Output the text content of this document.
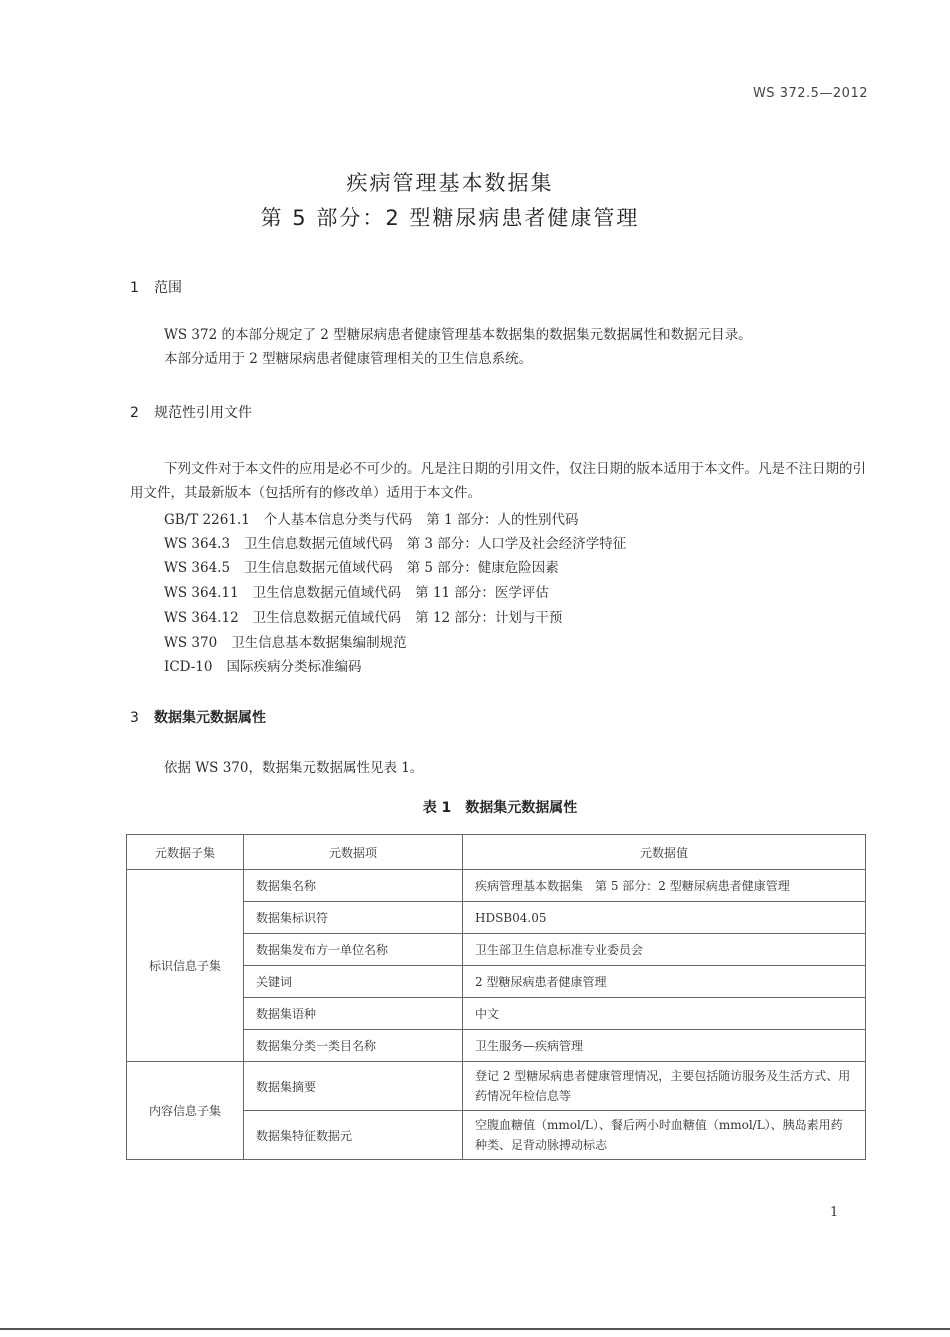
WS 372.5—2012
疾病管理基本数据集
第 5 部分：2 型糖尿病患者健康管理
1 范围
WS 372 的本部分规定了 2 型糖尿病患者健康管理基本数据集的数据集元数据属性和数据元目录。
本部分适用于 2 型糖尿病患者健康管理相关的卫生信息系统。
2 规范性引用文件
下列文件对于本文件的应用是必不可少的。凡是注日期的引用文件，仅注日期的版本适用于本文件。凡是不注日期的引用文件，其最新版本（包括所有的修改单）适用于本文件。
GB/T 2261.1 个人基本信息分类与代码 第 1 部分：人的性别代码
WS 364.3 卫生信息数据元值域代码 第 3 部分：人口学及社会经济学特征
WS 364.5 卫生信息数据元值域代码 第 5 部分：健康危险因素
WS 364.11 卫生信息数据元值域代码 第 11 部分：医学评估
WS 364.12 卫生信息数据元值域代码 第 12 部分：计划与干预
WS 370 卫生信息基本数据集编制规范
ICD-10 国际疾病分类标准编码
3 数据集元数据属性
依据 WS 370，数据集元数据属性见表 1。
表 1　数据集元数据属性
元数据子集	元数据项	元数据值
标识信息子集	数据集名称	疾病管理基本数据集　第 5 部分：2 型糖尿病患者健康管理
	数据集标识符	HDSB04.05
	数据集发布方一单位名称	卫生部卫生信息标准专业委员会
	关键词	2 型糖尿病患者健康管理
	数据集语种	中文
	数据集分类一类目名称	卫生服务—疾病管理
内容信息子集	数据集摘要	登记 2 型糖尿病患者健康管理情况，主要包括随访服务及生活方式、用药情况年检信息等
	数据集特征数据元	空腹血糖值（mmol/L）、餐后两小时血糖值（mmol/L）、胰岛素用药种类、足背动脉搏动标志
1
